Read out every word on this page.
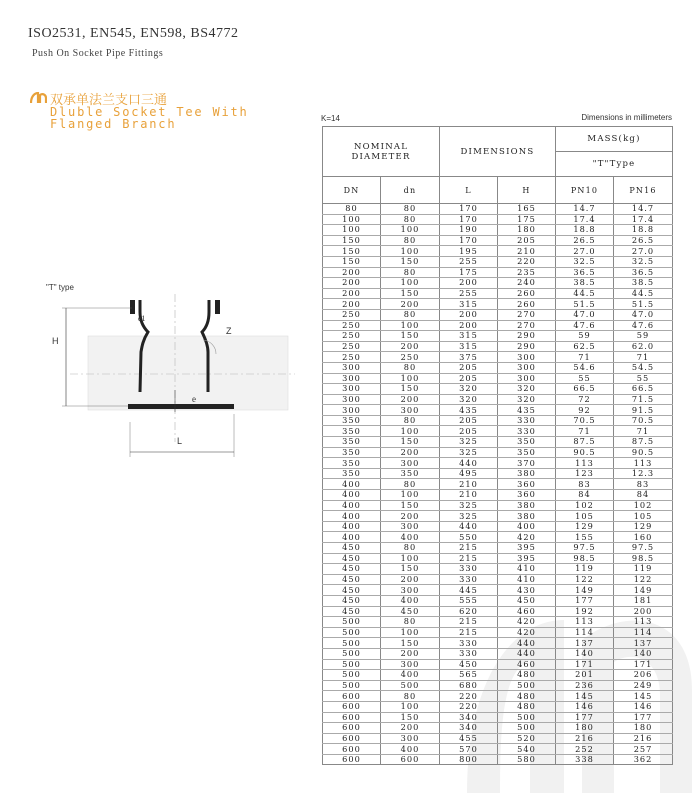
ISO2531, EN545, EN598, BS4772
Push On Socket Pipe Fittings
双承单法兰支口三通
Dluble Socket Tee With
Flanged Branch
"T" type
H
L
Z
e
e1
K=14	Dimensions in millimeters
NOMINAL DIAMETER		DIMENSIONS		MASS(kg)	
				"T"Type	
DN	dn	L	H	PN10	PN16
80	80	170	165	14.7	14.7
100	80	170	175	17.4	17.4
100	100	190	180	18.8	18.8
150	80	170	205	26.5	26.5
150	100	195	210	27.0	27.0
150	150	255	220	32.5	32.5
200	80	175	235	36.5	36.5
200	100	200	240	38.5	38.5
200	150	255	260	44.5	44.5
200	200	315	260	51.5	51.5
250	80	200	270	47.0	47.0
250	100	200	270	47.6	47.6
250	150	315	290	59	59
250	200	315	290	62.5	62.0
250	250	375	300	71	71
300	80	205	300	54.6	54.5
300	100	205	300	55	55
300	150	320	320	66.5	66.5
300	200	320	320	72	71.5
300	300	435	435	92	91.5
350	80	205	330	70.5	70.5
350	100	205	330	71	71
350	150	325	350	87.5	87.5
350	200	325	350	90.5	90.5
350	300	440	370	113	113
350	350	495	380	123	12.3
400	80	210	360	83	83
400	100	210	360	84	84
400	150	325	380	102	102
400	200	325	380	105	105
400	300	440	400	129	129
400	400	550	420	155	160
450	80	215	395	97.5	97.5
450	100	215	395	98.5	98.5
450	150	330	410	119	119
450	200	330	410	122	122
450	300	445	430	149	149
450	400	555	450	177	181
450	450	620	460	192	200
500	80	215	420	113	113
500	100	215	420	114	114
500	150	330	440	137	137
500	200	330	440	140	140
500	300	450	460	171	171
500	400	565	480	201	206
500	500	680	500	236	249
600	80	220	480	145	145
600	100	220	480	146	146
600	150	340	500	177	177
600	200	340	500	180	180
600	300	455	520	216	216
600	400	570	540	252	257
600	600	800	580	338	362
